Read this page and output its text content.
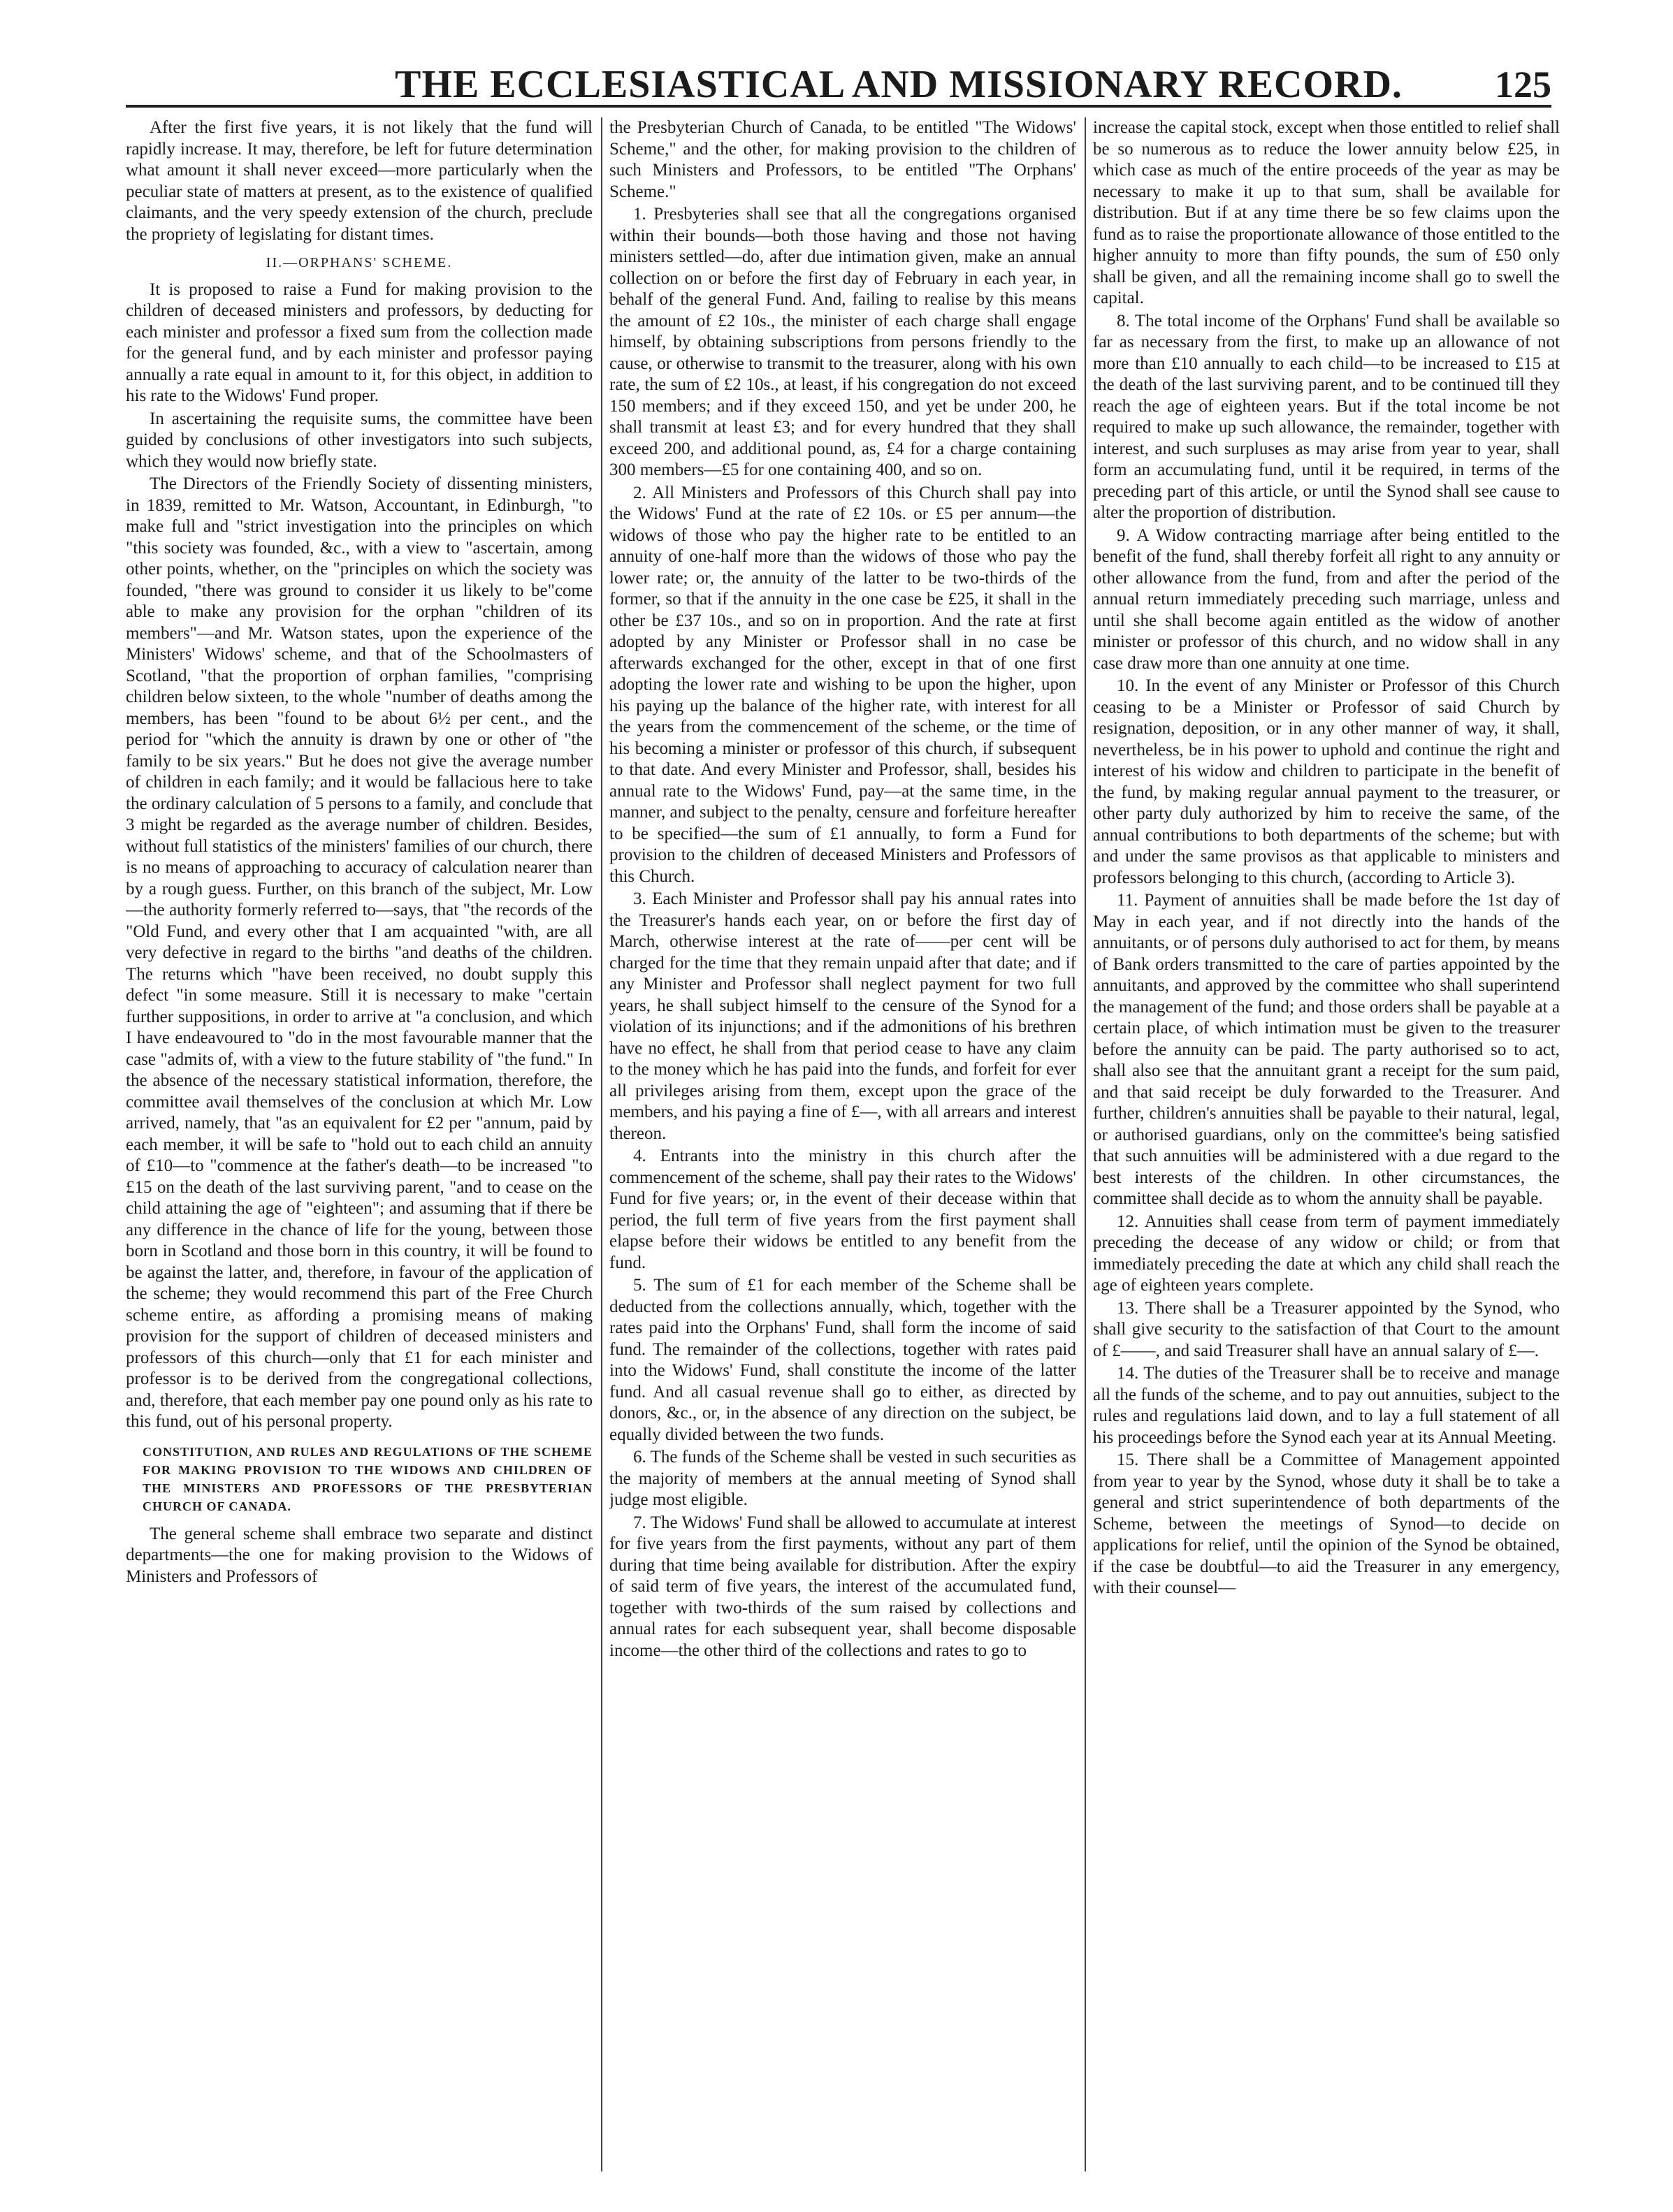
THE ECCLESIASTICAL AND MISSIONARY RECORD. 125

After the first five years, it is not likely that the fund will rapidly increase. It may, therefore, be left for future determination what amount it shall never exceed—more particularly when the peculiar state of matters at present, as to the existence of qualified claimants, and the very speedy extension of the church, preclude the propriety of legislating for distant times.

II.—ORPHANS' SCHEME.

It is proposed to raise a Fund for making provision to the children of deceased ministers and professors, by deducting for each minister and professor a fixed sum from the collection made for the general fund, and by each minister and professor paying annually a rate equal in amount to it, for this object, in addition to his rate to the Widows' Fund proper.

In ascertaining the requisite sums, the committee have been guided by conclusions of other investigators into such subjects, which they would now briefly state.

The Directors of the Friendly Society of dissenting ministers, in 1839, remitted to Mr. Watson, Accountant, in Edinburgh, "to make full and "strict investigation into the principles on which "this society was founded, &c., with a view to "ascertain, among other points, whether, on the "principles on which the society was founded, "there was ground to consider it us likely to be"come able to make any provision for the orphan "children of its members"—and Mr. Watson states, upon the experience of the Ministers' Widows' scheme, and that of the Schoolmasters of Scotland, "that the proportion of orphan families, "comprising children below sixteen, to the whole "number of deaths among the members, has been "found to be about 6½ per cent., and the period for "which the annuity is drawn by one or other of "the family to be six years." But he does not give the average number of children in each family; and it would be fallacious here to take the ordinary calculation of 5 persons to a family, and conclude that 3 might be regarded as the average number of children. Besides, without full statistics of the ministers' families of our church, there is no means of approaching to accuracy of calculation nearer than by a rough guess. Further, on this branch of the subject, Mr. Low—the authority formerly referred to—says, that "the records of the "Old Fund, and every other that I am acquainted "with, are all very defective in regard to the births "and deaths of the children. The returns which "have been received, no doubt supply this defect "in some measure. Still it is necessary to make "certain further suppositions, in order to arrive at "a conclusion, and which I have endeavoured to "do in the most favourable manner that the case "admits of, with a view to the future stability of "the fund." In the absence of the necessary statistical information, therefore, the committee avail themselves of the conclusion at which Mr. Low arrived, namely, that "as an equivalent for £2 per "annum, paid by each member, it will be safe to "hold out to each child an annuity of £10—to "commence at the father's death—to be increased "to £15 on the death of the last surviving parent, "and to cease on the child attaining the age of "eighteen"; and assuming that if there be any difference in the chance of life for the young, between those born in Scotland and those born in this country, it will be found to be against the latter, and, therefore, in favour of the application of the scheme; they would recommend this part of the Free Church scheme entire, as affording a promising means of making provision for the support of children of deceased ministers and professors of this church—only that £1 for each minister and professor is to be derived from the congregational collections, and, therefore, that each member pay one pound only as his rate to this fund, out of his personal property.

CONSTITUTION, AND RULES AND REGULATIONS OF THE SCHEME FOR MAKING PROVISION TO THE WIDOWS AND CHILDREN OF THE MINISTERS AND PROFESSORS OF THE PRESBYTERIAN CHURCH OF CANADA.

The general scheme shall embrace two separate and distinct departments—the one for making provision to the Widows of Ministers and Professors of

the Presbyterian Church of Canada, to be entitled "The Widows' Scheme," and the other, for making provision to the children of such Ministers and Professors, to be entitled "The Orphans' Scheme."

1. Presbyteries shall see that all the congregations organised within their bounds—both those having and those not having ministers settled—do, after due intimation given, make an annual collection on or before the first day of February in each year, in behalf of the general Fund. And, failing to realise by this means the amount of £2 10s., the minister of each charge shall engage himself, by obtaining subscriptions from persons friendly to the cause, or otherwise to transmit to the treasurer, along with his own rate, the sum of £2 10s., at least, if his congregation do not exceed 150 members; and if they exceed 150, and yet be under 200, he shall transmit at least £3; and for every hundred that they shall exceed 200, and additional pound, as, £4 for a charge containing 300 members—£5 for one containing 400, and so on.

2. All Ministers and Professors of this Church shall pay into the Widows' Fund at the rate of £2 10s. or £5 per annum—the widows of those who pay the higher rate to be entitled to an annuity of one-half more than the widows of those who pay the lower rate; or, the annuity of the latter to be two-thirds of the former, so that if the annuity in the one case be £25, it shall in the other be £37 10s., and so on in proportion. And the rate at first adopted by any Minister or Professor shall in no case be afterwards exchanged for the other, except in that of one first adopting the lower rate and wishing to be upon the higher, upon his paying up the balance of the higher rate, with interest for all the years from the commencement of the scheme, or the time of his becoming a minister or professor of this church, if subsequent to that date. And every Minister and Professor, shall, besides his annual rate to the Widows' Fund, pay—at the same time, in the manner, and subject to the penalty, censure and forfeiture hereafter to be specified—the sum of £1 annually, to form a Fund for provision to the children of deceased Ministers and Professors of this Church.

3. Each Minister and Professor shall pay his annual rates into the Treasurer's hands each year, on or before the first day of March, otherwise interest at the rate of——per cent will be charged for the time that they remain unpaid after that date; and if any Minister and Professor shall neglect payment for two full years, he shall subject himself to the censure of the Synod for a violation of its injunctions; and if the admonitions of his brethren have no effect, he shall from that period cease to have any claim to the money which he has paid into the funds, and forfeit for ever all privileges arising from them, except upon the grace of the members, and his paying a fine of £—, with all arrears and interest thereon.

4. Entrants into the ministry in this church after the commencement of the scheme, shall pay their rates to the Widows' Fund for five years; or, in the event of their decease within that period, the full term of five years from the first payment shall elapse before their widows be entitled to any benefit from the fund.

5. The sum of £1 for each member of the Scheme shall be deducted from the collections annually, which, together with the rates paid into the Orphans' Fund, shall form the income of said fund. The remainder of the collections, together with rates paid into the Widows' Fund, shall constitute the income of the latter fund. And all casual revenue shall go to either, as directed by donors, &c., or, in the absence of any direction on the subject, be equally divided between the two funds.

6. The funds of the Scheme shall be vested in such securities as the majority of members at the annual meeting of Synod shall judge most eligible.

7. The Widows' Fund shall be allowed to accumulate at interest for five years from the first payments, without any part of them during that time being available for distribution. After the expiry of said term of five years, the interest of the accumulated fund, together with two-thirds of the sum raised by collections and annual rates for each subsequent year, shall become disposable income—the other third of the collections and rates to go to

increase the capital stock, except when those entitled to relief shall be so numerous as to reduce the lower annuity below £25, in which case as much of the entire proceeds of the year as may be necessary to make it up to that sum, shall be available for distribution. But if at any time there be so few claims upon the fund as to raise the proportionate allowance of those entitled to the higher annuity to more than fifty pounds, the sum of £50 only shall be given, and all the remaining income shall go to swell the capital.

8. The total income of the Orphans' Fund shall be available so far as necessary from the first, to make up an allowance of not more than £10 annually to each child—to be increased to £15 at the death of the last surviving parent, and to be continued till they reach the age of eighteen years. But if the total income be not required to make up such allowance, the remainder, together with interest, and such surpluses as may arise from year to year, shall form an accumulating fund, until it be required, in terms of the preceding part of this article, or until the Synod shall see cause to alter the proportion of distribution.

9. A Widow contracting marriage after being entitled to the benefit of the fund, shall thereby forfeit all right to any annuity or other allowance from the fund, from and after the period of the annual return immediately preceding such marriage, unless and until she shall become again entitled as the widow of another minister or professor of this church, and no widow shall in any case draw more than one annuity at one time.

10. In the event of any Minister or Professor of this Church ceasing to be a Minister or Professor of said Church by resignation, deposition, or in any other manner of way, it shall, nevertheless, be in his power to uphold and continue the right and interest of his widow and children to participate in the benefit of the fund, by making regular annual payment to the treasurer, or other party duly authorized by him to receive the same, of the annual contributions to both departments of the scheme; but with and under the same provisos as that applicable to ministers and professors belonging to this church, (according to Article 3).

11. Payment of annuities shall be made before the 1st day of May in each year, and if not directly into the hands of the annuitants, or of persons duly authorised to act for them, by means of Bank orders transmitted to the care of parties appointed by the annuitants, and approved by the committee who shall superintend the management of the fund; and those orders shall be payable at a certain place, of which intimation must be given to the treasurer before the annuity can be paid. The party authorised so to act, shall also see that the annuitant grant a receipt for the sum paid, and that said receipt be duly forwarded to the Treasurer. And further, children's annuities shall be payable to their natural, legal, or authorised guardians, only on the committee's being satisfied that such annuities will be administered with a due regard to the best interests of the children. In other circumstances, the committee shall decide as to whom the annuity shall be payable.

12. Annuities shall cease from term of payment immediately preceding the decease of any widow or child; or from that immediately preceding the date at which any child shall reach the age of eighteen years complete.

13. There shall be a Treasurer appointed by the Synod, who shall give security to the satisfaction of that Court to the amount of £——, and said Treasurer shall have an annual salary of £—.

14. The duties of the Treasurer shall be to receive and manage all the funds of the scheme, and to pay out annuities, subject to the rules and regulations laid down, and to lay a full statement of all his proceedings before the Synod each year at its Annual Meeting.

15. There shall be a Committee of Management appointed from year to year by the Synod, whose duty it shall be to take a general and strict superintendence of both departments of the Scheme, between the meetings of Synod—to decide on applications for relief, until the opinion of the Synod be obtained, if the case be doubtful—to aid the Treasurer in any emergency, with their counsel—
